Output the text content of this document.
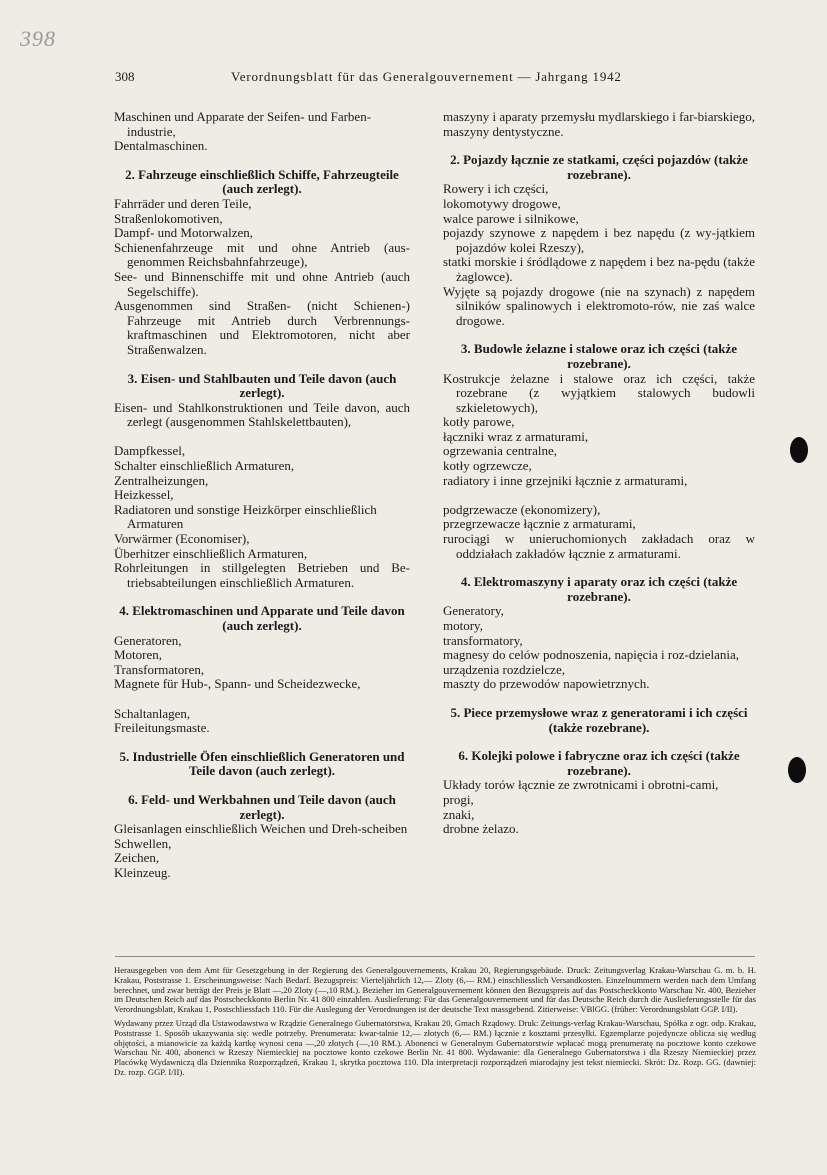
398
308	Verordnungsblatt für das Generalgouvernement — Jahrgang 1942

Maschinen und Apparate der Seifen- und Farben-industrie,

Dentalmaschinen.

2. Fahrzeuge einschließlich Schiffe, Fahrzeugteile (auch zerlegt).

Fahrräder und deren Teile,

Straßenlokomotiven,

Dampf- und Motorwalzen,

Schienenfahrzeuge mit und ohne Antrieb (aus-genommen Reichsbahnfahrzeuge),

See- und Binnenschiffe mit und ohne Antrieb (auch Segelschiffe).

Ausgenommen sind Straßen- (nicht Schienen-) Fahrzeuge mit Antrieb durch Verbrennungs-kraftmaschinen und Elektromotoren, nicht aber Straßenwalzen.

3. Eisen- und Stahlbauten und Teile davon (auch zerlegt).

Eisen- und Stahlkonstruktionen und Teile davon, auch zerlegt (ausgenommen Stahlskelettbauten),

Dampfkessel,

Schalter einschließlich Armaturen,

Zentralheizungen,

Heizkessel,

Radiatoren und sonstige Heizkörper einschließlich Armaturen

Vorwärmer (Economiser),

Überhitzer einschließlich Armaturen,

Rohrleitungen in stillgelegten Betrieben und Be-triebsabteilungen einschließlich Armaturen.

4. Elektromaschinen und Apparate und Teile davon (auch zerlegt).

Generatoren,

Motoren,

Transformatoren,

Magnete für Hub-, Spann- und Scheidezwecke,

Schaltanlagen,

Freileitungsmaste.

5. Industrielle Öfen einschließlich Generatoren und Teile davon (auch zerlegt).

6. Feld- und Werkbahnen und Teile davon (auch zerlegt).

Gleisanlagen einschließlich Weichen und Dreh-scheiben

Schwellen,

Zeichen,

Kleinzeug.

maszyny i aparaty przemysłu mydlarskiego i far-biarskiego,

maszyny dentystyczne.

2. Pojazdy łącznie ze statkami, części pojazdów (także rozebrane).

Rowery i ich części,

lokomotywy drogowe,

walce parowe i silnikowe,

pojazdy szynowe z napędem i bez napędu (z wy-jątkiem pojazdów kolei Rzeszy),

statki morskie i śródlądowe z napędem i bez na-pędu (także żaglowce).

Wyjęte są pojazdy drogowe (nie na szynach) z napędem silników spalinowych i elektromoto-rów, nie zaś walce drogowe.

3. Budowle żelazne i stalowe oraz ich części (także rozebrane).

Kostrukcje żelazne i stalowe oraz ich części, także rozebrane (z wyjątkiem stalowych budowli szkieletowych),

kotły parowe,

łączniki wraz z armaturami,

ogrzewania centralne,

kotły ogrzewcze,

radiatory i inne grzejniki łącznie z armaturami,

podgrzewacze (ekonomizery),

przegrzewacze łącznie z armaturami,

rurociągi w unieruchomionych zakładach oraz w oddziałach zakładów łącznie z armaturami.

4. Elektromaszyny i aparaty oraz ich części (także rozebrane).

Generatory,

motory,

transformatory,

magnesy do celów podnoszenia, napięcia i roz-dzielania,

urządzenia rozdzielcze,

maszty do przewodów napowietrznych.

5. Piece przemysłowe wraz z generatorami i ich części (także rozebrane).

6. Kolejki polowe i fabryczne oraz ich części (także rozebrane).

Układy torów łącznie ze zwrotnicami i obrotni-cami,

progi,

znaki,

drobne żelazo.

Herausgegeben von dem Amt für Gesetzgebung in der Regierung des Generalgouvernements, Krakau 20, Regierungsgebäude. Druck: Zeitungsverlag Krakau-Warschau G. m. b. H. Krakau, Poststrasse 1. Erscheinungsweise: Nach Bedarf. Bezugspreis: Vierteljährlich 12,— Zloty (6,— RM.) einschliesslich Versandkosten. Einzelnummern werden nach dem Umfang berechnet, und zwar beträgt der Preis je Blatt —,20 Zloty (—,10 RM.). Bezieher im Generalgouvernement können den Bezugspreis auf das Postscheckkonto Warschau Nr. 400, Bezieher im Deutschen Reich auf das Postscheckkonto Berlin Nr. 41 800 einzahlen. Auslieferung: Für das Generalgouvernement und für das Deutsche Reich durch die Auslieferungsstelle für das Verordnungsblatt, Krakau 1, Postschliessfach 110. Für die Auslegung der Verordnungen ist der deutsche Text massgebend. Zitierweise: VBlGG. (früher: Verordnungsblatt GGP. I/II).

Wydawany przez Urząd dla Ustawodawstwa w Rządzie Generalnego Gubernatorstwa, Krakau 20, Gmach Rządowy. Druk: Zeitungs-verlag Krakau-Warschau, Spółka z ogr. odp. Krakau, Poststrasse 1. Sposób ukazywania się: wedle potrzeby. Prenumerata: kwar-talnie 12,— złotych (6,— RM.) łącznie z kosztami przesyłki. Egzemplarze pojedyncze oblicza się według objętości, a mianowicie za każdą kartkę wynosi cena —,20 złotych (—,10 RM.). Abonenci w Generalnym Gubernatorstwie wpłacać mogą prenumeratę na pocztowe konto czekowe Warschau Nr. 400, abonenci w Rzeszy Niemieckiej na pocztowe konto czekowe Berlin Nr. 41 800. Wydawanie: dla Generalnego Gubernatorstwa i dla Rzeszy Niemieckiej przez Placówkę Wydawniczą dla Dziennika Rozporządzeń, Krakau 1, skrytka pocztowa 110. Dla interpretacji rozporządzeń miarodajny jest tekst niemiecki. Skrót: Dz. Rozp. GG. (dawniej: Dz. rozp. GGP. I/II).
